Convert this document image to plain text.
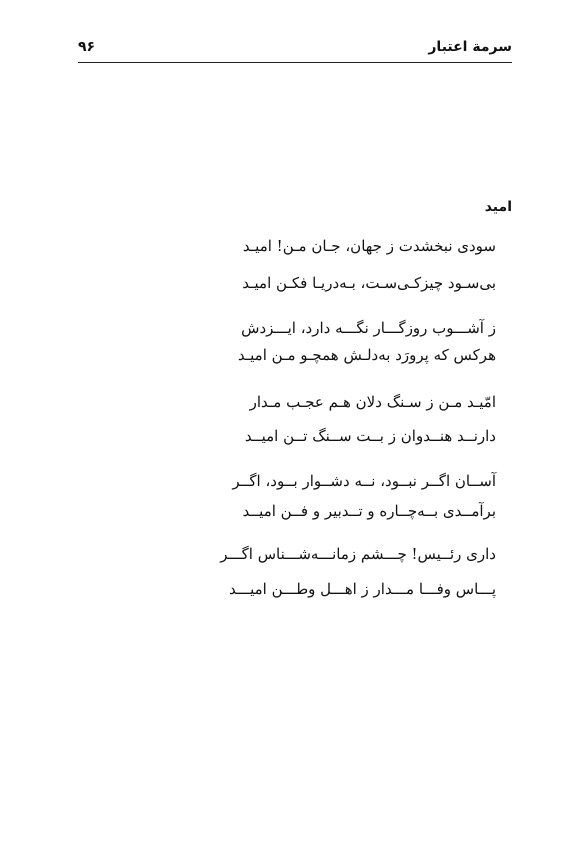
سرمة اعتبار
۹۶
امید
سودی نبخشدت ز جهان، جـان مـن! امیـد
بی‌سـود چیزکـی‌سـت، بـه‌دریـا فکـن امیـد
ز آشـــوب روزگـــار نگـــه دارد، ایـــزدش
هرکس که پرورَد به‌دلـش همچـو مـن امیـد
امّیـد مـن ز سـنگ دلان هـم عجـب مـدار
دارنــد هنــدوان ز بــت ســنگ تــن امیــد
آســان اگــر نبــود، نــه دشــوار بــود، اگــر
برآمــدی بــه‌چــاره و تــدبیر و فــن امیــد
داری رئــیس! چـــشم زمانـــه‌شـــناس اگـــر
پـــاس وفـــا مـــدار ز اهـــل وطـــن امیـــد
